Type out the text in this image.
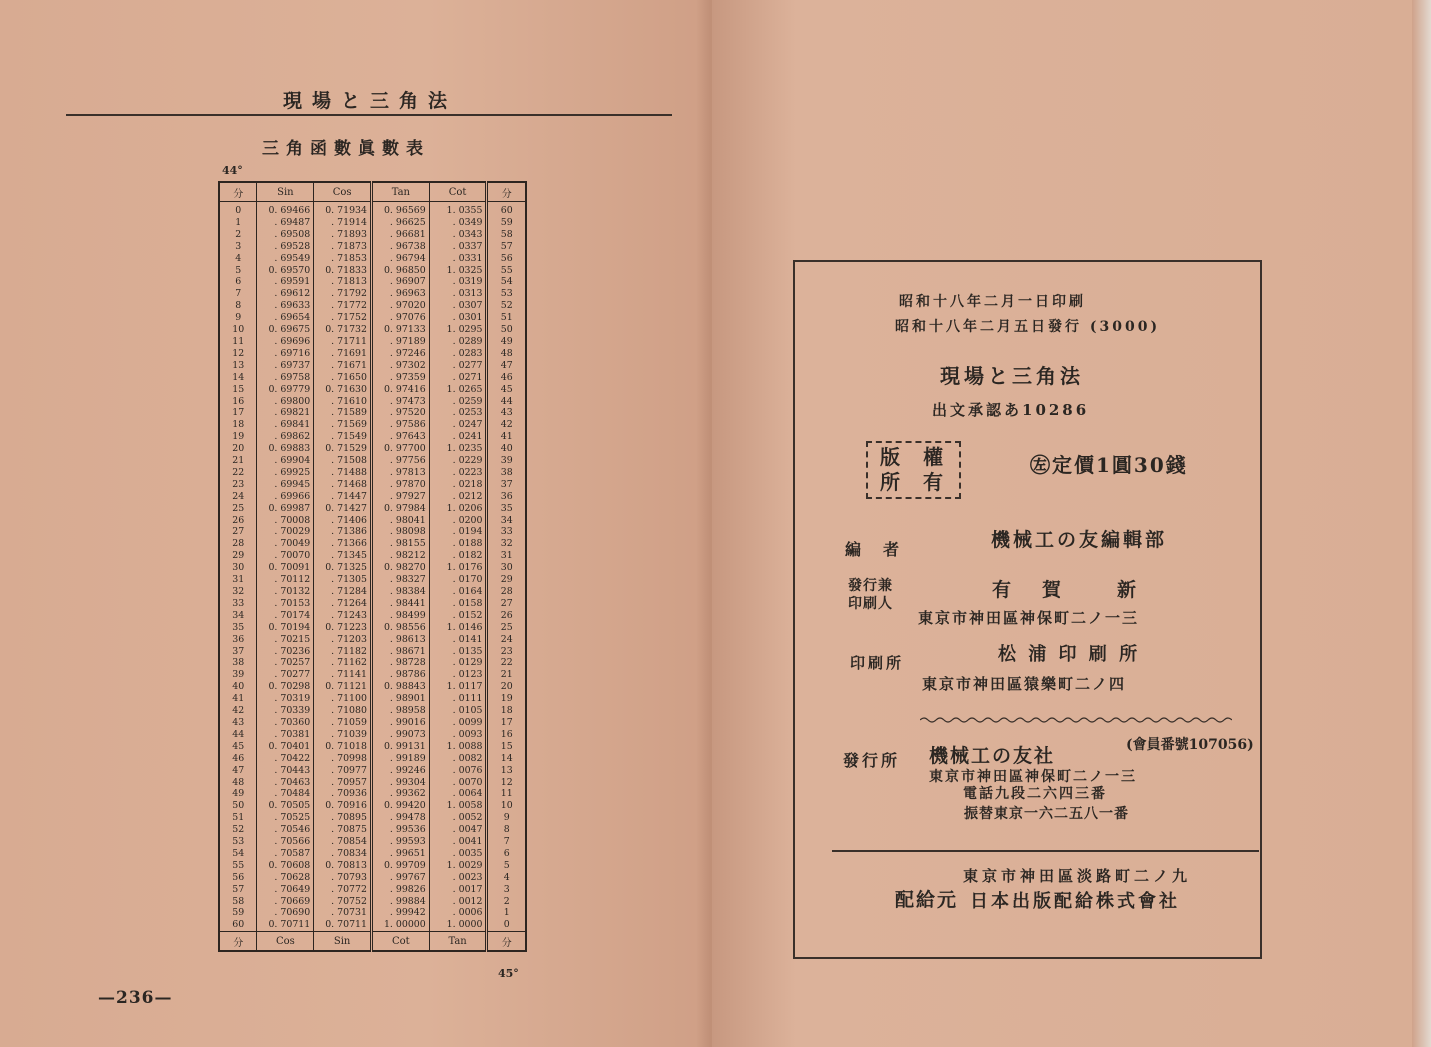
現場と三角法
三角函數眞數表
44°
分	Sin	Cos	Tan	Cot	分
0	0. 69466	0. 71934	0. 96569	1. 0355	60
1	. 69487	. 71914	. 96625	. 0349	59
2	. 69508	. 71893	. 96681	. 0343	58
3	. 69528	. 71873	. 96738	. 0337	57
4	. 69549	. 71853	. 96794	. 0331	56
5	0. 69570	0. 71833	0. 96850	1. 0325	55
6	. 69591	. 71813	. 96907	. 0319	54
7	. 69612	. 71792	. 96963	. 0313	53
8	. 69633	. 71772	. 97020	. 0307	52
9	. 69654	. 71752	. 97076	. 0301	51
10	0. 69675	0. 71732	0. 97133	1. 0295	50
11	. 69696	. 71711	. 97189	. 0289	49
12	. 69716	. 71691	. 97246	. 0283	48
13	. 69737	. 71671	. 97302	. 0277	47
14	. 69758	. 71650	. 97359	. 0271	46
15	0. 69779	0. 71630	0. 97416	1. 0265	45
16	. 69800	. 71610	. 97473	. 0259	44
17	. 69821	. 71589	. 97520	. 0253	43
18	. 69841	. 71569	. 97586	. 0247	42
19	. 69862	. 71549	. 97643	. 0241	41
20	0. 69883	0. 71529	0. 97700	1. 0235	40
21	. 69904	. 71508	. 97756	. 0229	39
22	. 69925	. 71488	. 97813	. 0223	38
23	. 69945	. 71468	. 97870	. 0218	37
24	. 69966	. 71447	. 97927	. 0212	36
25	0. 69987	0. 71427	0. 97984	1. 0206	35
26	. 70008	. 71406	. 98041	. 0200	34
27	. 70029	. 71386	. 98098	. 0194	33
28	. 70049	. 71366	. 98155	. 0188	32
29	. 70070	. 71345	. 98212	. 0182	31
30	0. 70091	0. 71325	0. 98270	1. 0176	30
31	. 70112	. 71305	. 98327	. 0170	29
32	. 70132	. 71284	. 98384	. 0164	28
33	. 70153	. 71264	. 98441	. 0158	27
34	. 70174	. 71243	. 98499	. 0152	26
35	0. 70194	0. 71223	0. 98556	1. 0146	25
36	. 70215	. 71203	. 98613	. 0141	24
37	. 70236	. 71182	. 98671	. 0135	23
38	. 70257	. 71162	. 98728	. 0129	22
39	. 70277	. 71141	. 98786	. 0123	21
40	0. 70298	0. 71121	0. 98843	1. 0117	20
41	. 70319	. 71100	. 98901	. 0111	19
42	. 70339	. 71080	. 98958	. 0105	18
43	. 70360	. 71059	. 99016	. 0099	17
44	. 70381	. 71039	. 99073	. 0093	16
45	0. 70401	0. 71018	0. 99131	1. 0088	15
46	. 70422	. 70998	. 99189	. 0082	14
47	. 70443	. 70977	. 99246	. 0076	13
48	. 70463	. 70957	. 99304	. 0070	12
49	. 70484	. 70936	. 99362	. 0064	11
50	0. 70505	0. 70916	0. 99420	1. 0058	10
51	. 70525	. 70895	. 99478	. 0052	9
52	. 70546	. 70875	. 99536	. 0047	8
53	. 70566	. 70854	. 99593	. 0041	7
54	. 70587	. 70834	. 99651	. 0035	6
55	0. 70608	0. 70813	0. 99709	1. 0029	5
56	. 70628	. 70793	. 99767	. 0023	4
57	. 70649	. 70772	. 99826	. 0017	3
58	. 70669	. 70752	. 99884	. 0012	2
59	. 70690	. 70731	. 99942	. 0006	1
60	0. 70711	0. 70711	1. 00000	1. 0000	0
分	Cos	Sin	Cot	Tan	分
45°
—236—
昭和十八年二月一日印刷
昭和十八年二月五日發行 (3000)
現場と三角法
出文承認あ10286
版 權
所 有
㊧定價1圓30錢
編　者	機械工の友編輯部
發行兼
印刷人
有　賀　　新
東京市神田區神保町二ノ一三
印刷所	松 浦 印 刷 所
東京市神田區猿樂町二ノ四
發行所 機械工の友社	(會員番號107056)
東京市神田區神保町二ノ一三
電話九段二六四三番
振替東京一六二五八一番
配給元
東京市神田區淡路町二ノ九
日本出版配給株式會社
